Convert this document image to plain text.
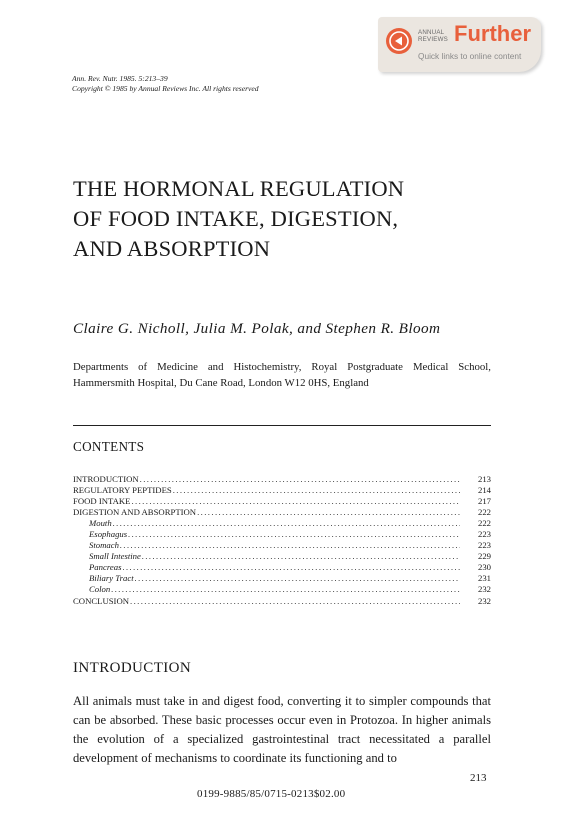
ANNUAL
REVIEWS Further
Quick links to online content
Ann. Rev. Nutr. 1985. 5:213–39
Copyright © 1985 by Annual Reviews Inc. All rights reserved
THE HORMONAL REGULATION
OF FOOD INTAKE, DIGESTION,
AND ABSORPTION
Claire G. Nicholl, Julia M. Polak, and Stephen R. Bloom
Departments of Medicine and Histochemistry, Royal Postgraduate Medical School, Hammersmith Hospital, Du Cane Road, London W12 0HS, England
CONTENTS
INTRODUCTION .....	213
REGULATORY PEPTIDES .....	214
FOOD INTAKE .....	217
DIGESTION AND ABSORPTION .....	222
Mouth .....	222
Esophagus .....	223
Stomach .....	223
Small Intestine .....	229
Pancreas .....	230
Biliary Tract .....	231
Colon .....	232
CONCLUSION .....	232
INTRODUCTION
All animals must take in and digest food, converting it to simpler compounds that can be absorbed. These basic processes occur even in Protozoa. In higher animals the evolution of a specialized gastrointestinal tract necessitated a parallel development of mechanisms to coordinate its functioning and to
213
0199-9885/85/0715-0213$02.00
